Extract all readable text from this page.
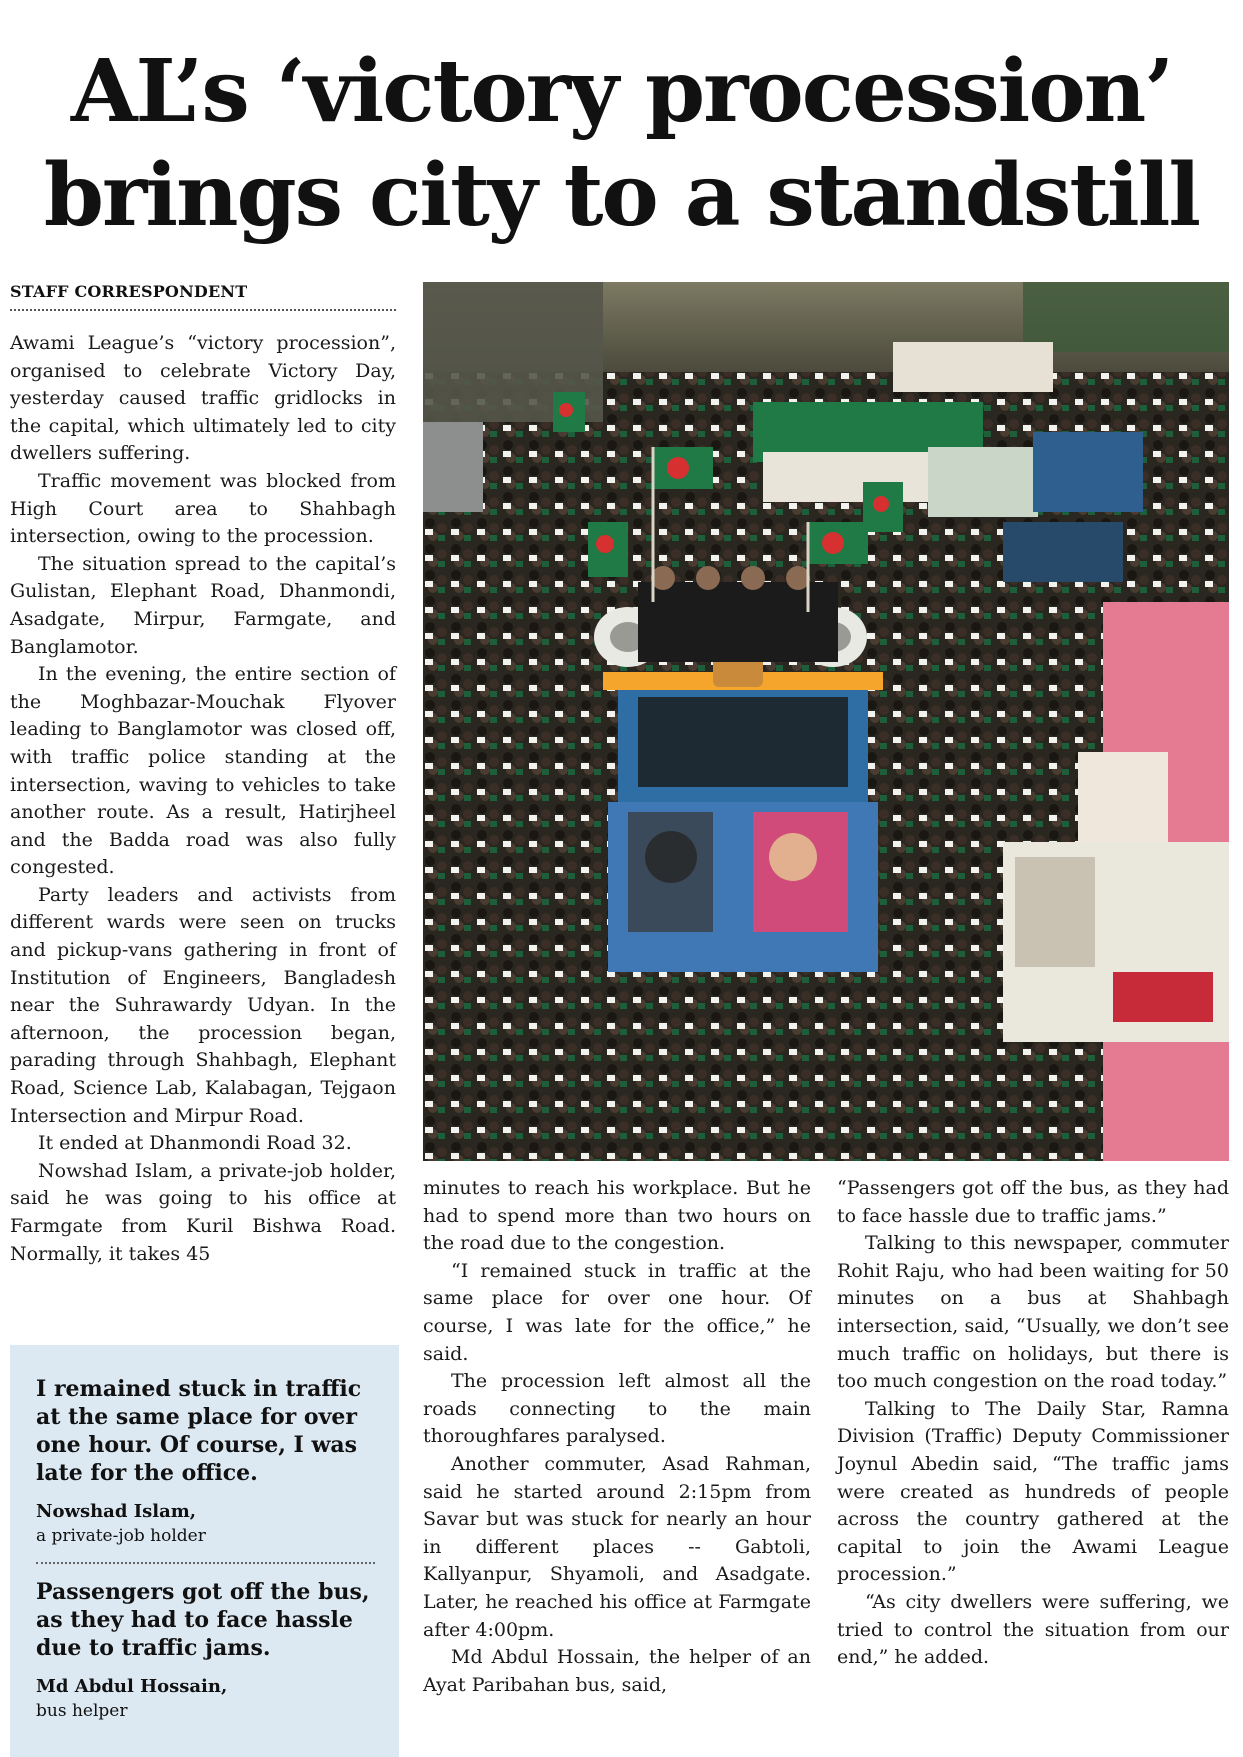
AL’s ‘victory procession’
brings city to a standstill
STAFF CORRESPONDENT

Awami League’s “victory procession”, organised to celebrate Victory Day, yesterday caused traffic gridlocks in the capital, which ultimately led to city dwellers suffering.

Traffic movement was blocked from High Court area to Shahbagh intersection, owing to the procession.

The situation spread to the capital’s Gulistan, Elephant Road, Dhanmondi, Asadgate, Mirpur, Farmgate, and Banglamotor.

In the evening, the entire section of the Moghbazar-Mouchak Flyover leading to Banglamotor was closed off, with traffic police standing at the intersection, waving to vehicles to take another route. As a result, Hatirjheel and the Badda road was also fully congested.

Party leaders and activists from different wards were seen on trucks and pickup-vans gathering in front of Institution of Engineers, Bangladesh near the Suhrawardy Udyan. In the afternoon, the procession began, parading through Shahbagh, Elephant Road, Science Lab, Kalabagan, Tejgaon Intersection and Mirpur Road.

It ended at Dhanmondi Road 32.

Nowshad Islam, a private-job holder, said he was going to his office at Farmgate from Kuril Bishwa Road. Normally, it takes 45

minutes to reach his workplace. But he had to spend more than two hours on the road due to the congestion.

“I remained stuck in traffic at the same place for over one hour. Of course, I was late for the office,” he said.

The procession left almost all the roads connecting to the main thoroughfares paralysed.

Another commuter, Asad Rahman, said he started around 2:15pm from Savar but was stuck for nearly an hour in different places -- Gabtoli, Kallyanpur, Shyamoli, and Asadgate. Later, he reached his office at Farmgate after 4:00pm.

Md Abdul Hossain, the helper of an Ayat Paribahan bus, said,

“Passengers got off the bus, as they had to face hassle due to traffic jams.”

Talking to this newspaper, commuter Rohit Raju, who had been waiting for 50 minutes on a bus at Shahbagh intersection, said, “Usually, we don’t see much traffic on holidays, but there is too much congestion on the road today.”

Talking to The Daily Star, Ramna Division (Traffic) Deputy Commissioner Joynul Abedin said, “The traffic jams were created as hundreds of people across the country gathered at the capital to join the Awami League procession.”

“As city dwellers were suffering, we tried to control the situation from our end,” he added.

I remained stuck in traffic at the same place for over one hour. Of course, I was late for the office.

Nowshad Islam,

a private-job holder

Passengers got off the bus, as they had to face hassle due to traffic jams.

Md Abdul Hossain,

bus helper
